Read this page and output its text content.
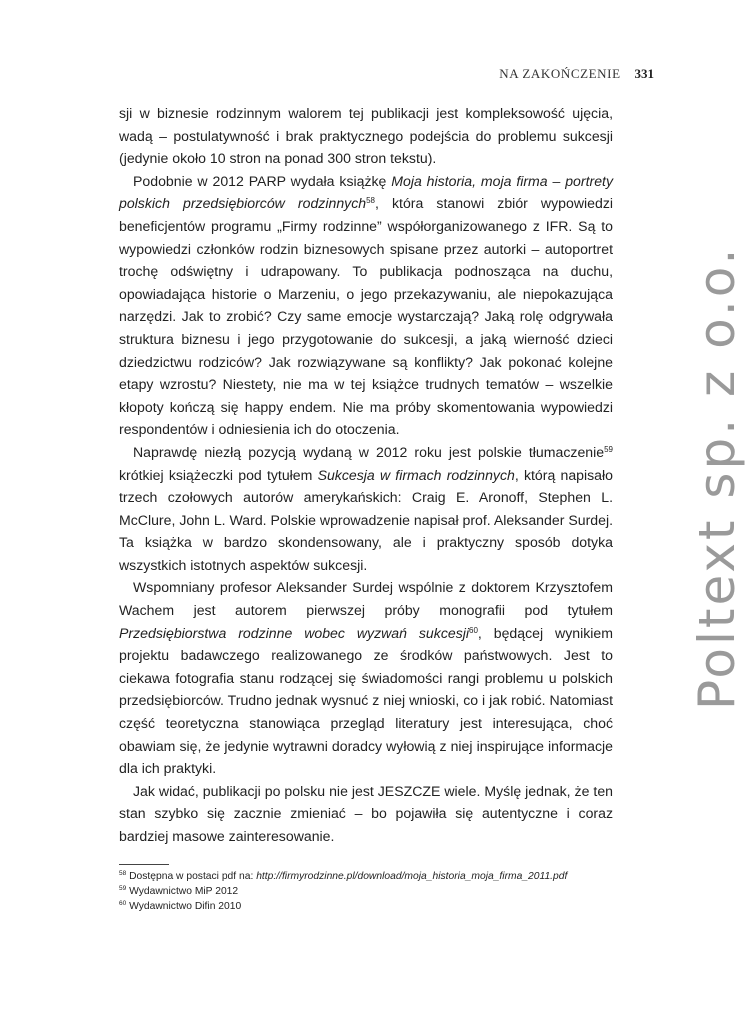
NA ZAKOŃCZENIE 331

sji w biznesie rodzinnym walorem tej publikacji jest kompleksowość ujęcia, wadą – postulatywność i brak praktycznego podejścia do problemu sukcesji (jedynie około 10 stron na ponad 300 stron tekstu).

Podobnie w 2012 PARP wydała książkę Moja historia, moja firma – portrety polskich przedsiębiorców rodzinnych$^{58}$, która stanowi zbiór wypowiedzi beneficjentów programu „Firmy rodzinne” współorganizowanego z IFR. Są to wypowiedzi członków rodzin biznesowych spisane przez autorki – autoportret trochę odświętny i udrapowany. To publikacja podnosząca na duchu, opowiadająca historie o Marzeniu, o jego przekazywaniu, ale niepokazująca narzędzi. Jak to zrobić? Czy same emocje wystarczają? Jaką rolę odgrywała struktura biznesu i jego przygotowanie do sukcesji, a jaką wierność dzieci dziedzictwu rodziców? Jak rozwiązywane są konflikty? Jak pokonać kolejne etapy wzrostu? Niestety, nie ma w tej książce trudnych tematów – wszelkie kłopoty kończą się happy endem. Nie ma próby skomentowania wypowiedzi respondentów i odniesienia ich do otoczenia.

Naprawdę niezłą pozycją wydaną w 2012 roku jest polskie tłumaczenie$^{59}$ krótkiej książeczki pod tytułem Sukcesja w firmach rodzinnych, którą napisało trzech czołowych autorów amerykańskich: Craig E. Aronoff, Stephen L. McClure, John L. Ward. Polskie wprowadzenie napisał prof. Aleksander Surdej. Ta książka w bardzo skondensowany, ale i praktyczny sposób dotyka wszystkich istotnych aspektów sukcesji.

Wspomniany profesor Aleksander Surdej wspólnie z doktorem Krzysztofem Wachem jest autorem pierwszej próby monografii pod tytułem Przedsiębiorstwa rodzinne wobec wyzwań sukcesji$^{60}$, będącej wynikiem projektu badawczego realizowanego ze środków państwowych. Jest to ciekawa fotografia stanu rodzącej się świadomości rangi problemu u polskich przedsiębiorców. Trudno jednak wysnuć z niej wnioski, co i jak robić. Natomiast część teoretyczna stanowiąca przegląd literatury jest interesująca, choć obawiam się, że jedynie wytrawni doradcy wyłowią z niej inspirujące informacje dla ich praktyki.

Jak widać, publikacji po polsku nie jest JESZCZE wiele. Myślę jednak, że ten stan szybko się zacznie zmieniać – bo pojawiła się autentyczne i coraz bardziej masowe zainteresowanie.

$^{58}$ Dostępna w postaci pdf na: http://firmyrodzinne.pl/download/moja_historia_moja_firma_2011.pdf
$^{59}$ Wydawnictwo MiP 2012
$^{60}$ Wydawnictwo Difin 2010
Poltext sp. z o.o.
